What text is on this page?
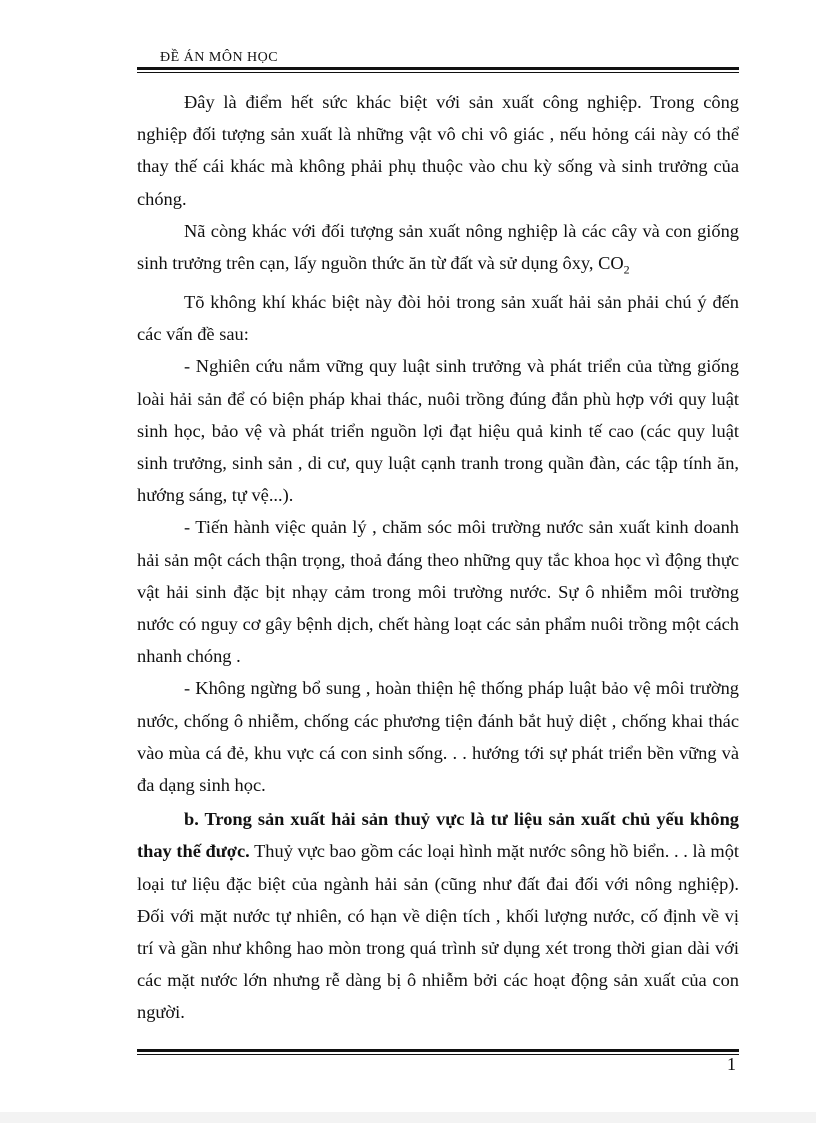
ĐỀ ÁN MÔN HỌC

Đây là điểm hết sức khác biệt với sản xuất công nghiệp. Trong công nghiệp đối tượng sản xuất là những vật vô chi vô giác , nếu hỏng cái này có thể thay thế cái khác mà không phải phụ thuộc vào chu kỳ sống và sinh trưởng của chóng.

Nã còng khác với đối tượng sản xuất nông nghiệp là các cây và con giống sinh trưởng trên cạn, lấy nguồn thức ăn từ đất và sử dụng ôxy, $CO_2$

Tõ không khí khác biệt này đòi hỏi trong sản xuất hải sản phải chú ý đến các vấn đề sau:

- Nghiên cứu nắm vững quy luật sinh trưởng và phát triển của từng giống loài hải sản để có biện pháp khai thác, nuôi trồng đúng đắn phù hợp với quy luật sinh học, bảo vệ và phát triển nguồn lợi đạt hiệu quả kinh tế cao (các quy luật sinh trưởng, sinh sản , di cư, quy luật cạnh tranh trong quần đàn, các tập tính ăn, hướng sáng, tự vệ...).

- Tiến hành việc quản lý , chăm sóc môi trường nước sản xuất kinh doanh hải sản một cách thận trọng, thoả đáng theo những quy tắc khoa học vì động thực vật hải sinh đặc bịt nhạy cảm trong môi trường nước. Sự ô nhiễm môi trường nước có nguy cơ gây bệnh dịch, chết hàng loạt các sản phẩm nuôi trồng một cách nhanh chóng .

- Không ngừng bổ sung , hoàn thiện hệ thống pháp luật bảo vệ môi trường nước, chống ô nhiễm, chống các phương tiện đánh bắt huỷ diệt , chống khai thác vào mùa cá đẻ, khu vực cá con sinh sống. . . hướng tới sự phát triển bền vững và đa dạng sinh học.

b. Trong sản xuất hải sản thuỷ vực là tư liệu sản xuất chủ yếu không thay thế được. Thuỷ vực bao gồm các loại hình mặt nước sông hồ biển. . . là một loại tư liệu đặc biệt của ngành hải sản (cũng như đất đai đối với nông nghiệp). Đối với mặt nước tự nhiên, có hạn về diện tích , khối lượng nước, cố định về vị trí và gần như không hao mòn trong quá trình sử dụng xét trong thời gian dài với các mặt nước lớn nhưng rễ dàng bị ô nhiễm bởi các hoạt động sản xuất của con người.

1
